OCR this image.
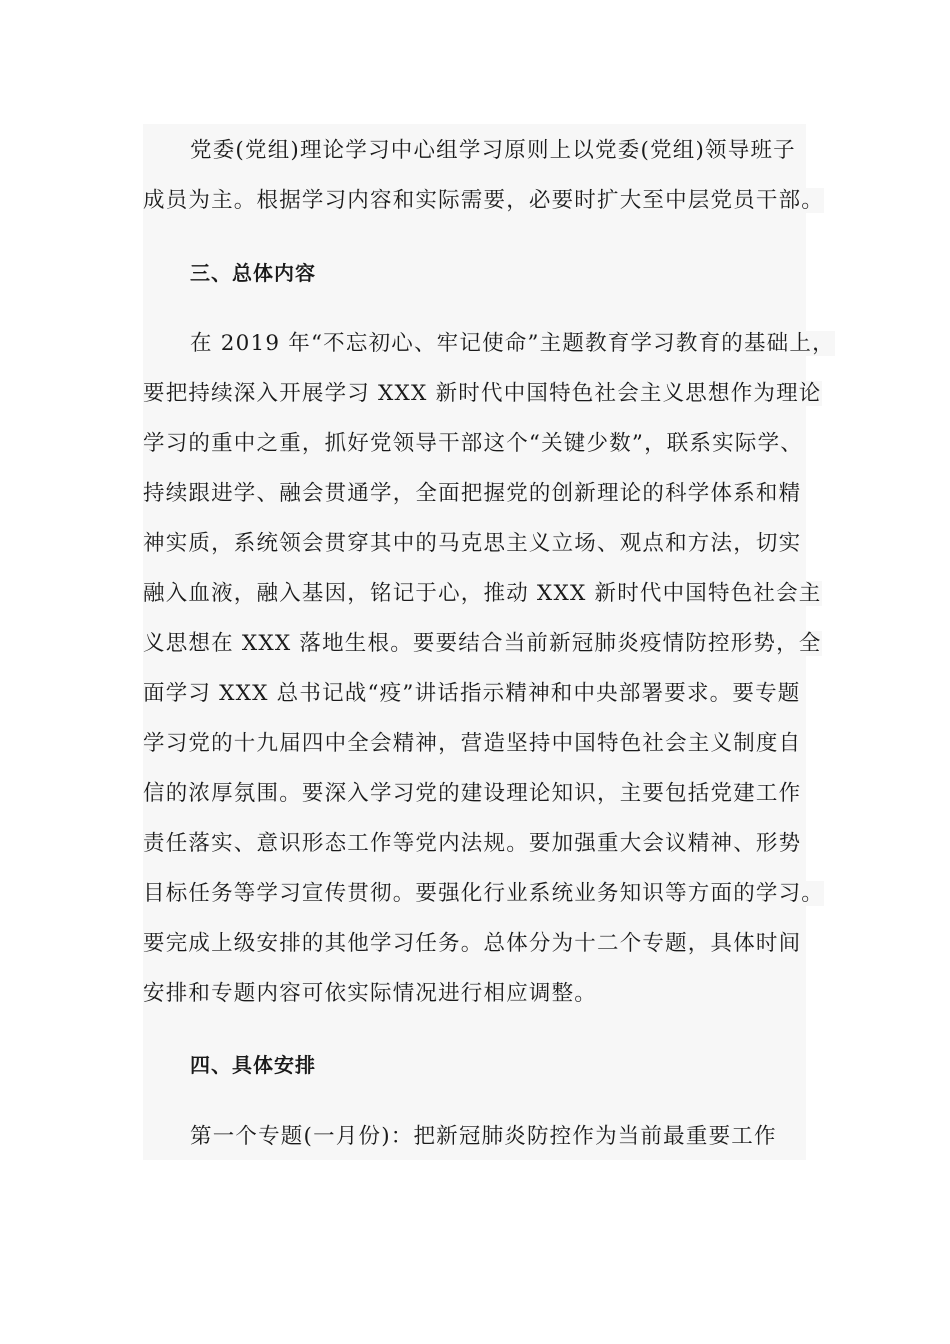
党委(党组)理论学习中心组学习原则上以党委(党组)领导班子
成员为主。根据学习内容和实际需要，必要时扩大至中层党员干部。
三、总体内容
在 2019 年“不忘初心、牢记使命”主题教育学习教育的基础上，
要把持续深入开展学习 XXX 新时代中国特色社会主义思想作为理论
学习的重中之重，抓好党领导干部这个“关键少数”，联系实际学、
持续跟进学、融会贯通学，全面把握党的创新理论的科学体系和精
神实质，系统领会贯穿其中的马克思主义立场、观点和方法，切实
融入血液，融入基因，铭记于心，推动 XXX 新时代中国特色社会主
义思想在 XXX 落地生根。要要结合当前新冠肺炎疫情防控形势，全
面学习 XXX 总书记战“疫”讲话指示精神和中央部署要求。要专题
学习党的十九届四中全会精神，营造坚持中国特色社会主义制度自
信的浓厚氛围。要深入学习党的建设理论知识，主要包括党建工作
责任落实、意识形态工作等党内法规。要加强重大会议精神、形势
目标任务等学习宣传贯彻。要强化行业系统业务知识等方面的学习。
要完成上级安排的其他学习任务。总体分为十二个专题，具体时间
安排和专题内容可依实际情况进行相应调整。
四、具体安排
第一个专题(一月份)：把新冠肺炎防控作为当前最重要工作
